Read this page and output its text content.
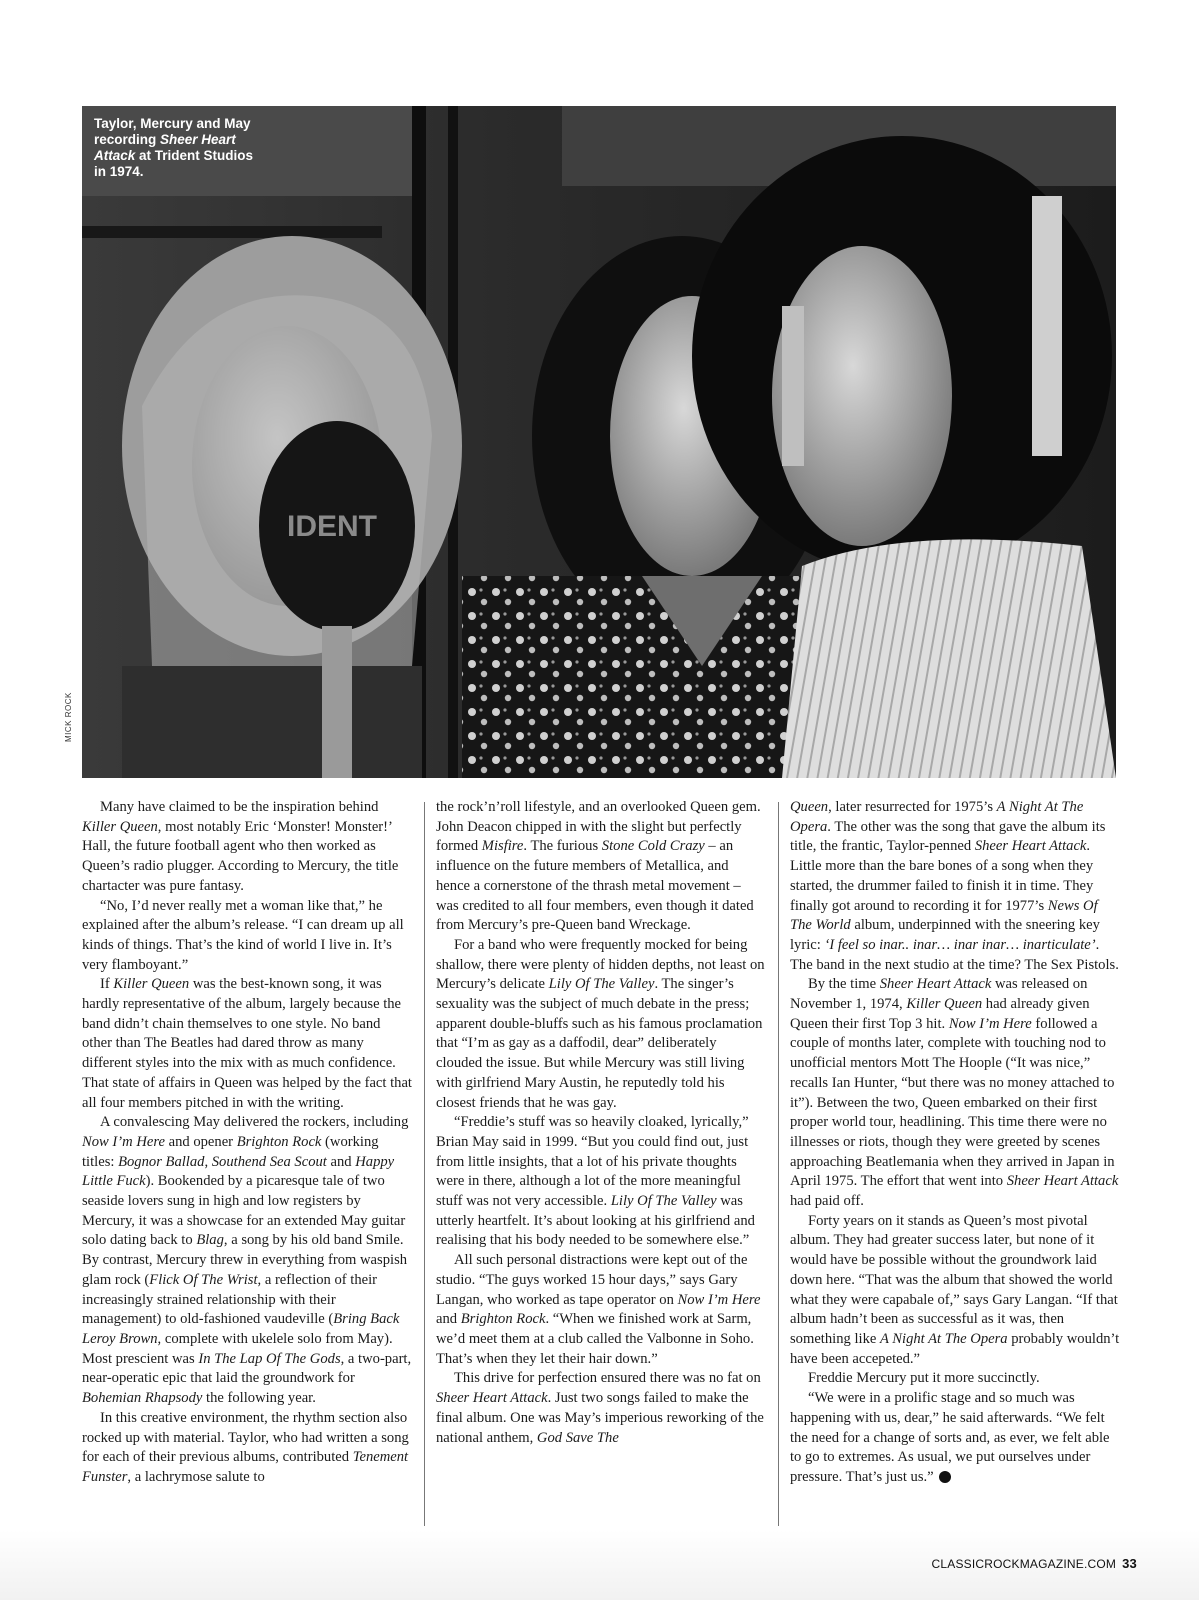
IDENT
Taylor, Mercury and May recording Sheer Heart Attack at Trident Studios in 1974.
MICK ROCK

Many have claimed to be the inspiration behind Killer Queen, most notably Eric ‘Monster! Monster!’ Hall, the future football agent who then worked as Queen’s radio plugger. According to Mercury, the title chartacter was pure fantasy.

“No, I’d never really met a woman like that,” he explained after the album’s release. “I can dream up all kinds of things. That’s the kind of world I live in. It’s very flamboyant.”

If Killer Queen was the best-known song, it was hardly representative of the album, largely because the band didn’t chain themselves to one style. No band other than The Beatles had dared throw as many different styles into the mix with as much confidence. That state of affairs in Queen was helped by the fact that all four members pitched in with the writing.

A convalescing May delivered the rockers, including Now I’m Here and opener Brighton Rock (working titles: Bognor Ballad, Southend Sea Scout and Happy Little Fuck). Bookended by a picaresque tale of two seaside lovers sung in high and low registers by Mercury, it was a showcase for an extended May guitar solo dating back to Blag, a song by his old band Smile. By contrast, Mercury threw in everything from waspish glam rock (Flick Of The Wrist, a reflection of their increasingly strained relationship with their management) to old-fashioned vaudeville (Bring Back Leroy Brown, complete with ukelele solo from May). Most prescient was In The Lap Of The Gods, a two-part, near-operatic epic that laid the groundwork for Bohemian Rhapsody the following year.

In this creative environment, the rhythm section also rocked up with material. Taylor, who had written a song for each of their previous albums, contributed Tenement Funster, a lachrymose salute to

the rock’n’roll lifestyle, and an overlooked Queen gem. John Deacon chipped in with the slight but perfectly formed Misfire. The furious Stone Cold Crazy – an influence on the future members of Metallica, and hence a cornerstone of the thrash metal movement – was credited to all four members, even though it dated from Mercury’s pre-Queen band Wreckage.

For a band who were frequently mocked for being shallow, there were plenty of hidden depths, not least on Mercury’s delicate Lily Of The Valley. The singer’s sexuality was the subject of much debate in the press; apparent double-bluffs such as his famous proclamation that “I’m as gay as a daffodil, dear” deliberately clouded the issue. But while Mercury was still living with girlfriend Mary Austin, he reputedly told his closest friends that he was gay.

“Freddie’s stuff was so heavily cloaked, lyrically,” Brian May said in 1999. “But you could find out, just from little insights, that a lot of his private thoughts were in there, although a lot of the more meaningful stuff was not very accessible. Lily Of The Valley was utterly heartfelt. It’s about looking at his girlfriend and realising that his body needed to be somewhere else.”

All such personal distractions were kept out of the studio. “The guys worked 15 hour days,” says Gary Langan, who worked as tape operator on Now I’m Here and Brighton Rock. “When we finished work at Sarm, we’d meet them at a club called the Valbonne in Soho. That’s when they let their hair down.”

This drive for perfection ensured there was no fat on Sheer Heart Attack. Just two songs failed to make the final album. One was May’s imperious reworking of the national anthem, God Save The

Queen, later resurrected for 1975’s A Night At The Opera. The other was the song that gave the album its title, the frantic, Taylor-penned Sheer Heart Attack. Little more than the bare bones of a song when they started, the drummer failed to finish it in time. They finally got around to recording it for 1977’s News Of The World album, underpinned with the sneering key lyric: ‘I feel so inar.. inar… inar inar… inarticulate’. The band in the next studio at the time? The Sex Pistols.

By the time Sheer Heart Attack was released on November 1, 1974, Killer Queen had already given Queen their first Top 3 hit. Now I’m Here followed a couple of months later, complete with touching nod to unofficial mentors Mott The Hoople (“It was nice,” recalls Ian Hunter, “but there was no money attached to it”). Between the two, Queen embarked on their first proper world tour, headlining. This time there were no illnesses or riots, though they were greeted by scenes approaching Beatlemania when they arrived in Japan in April 1975. The effort that went into Sheer Heart Attack had paid off.

Forty years on it stands as Queen’s most pivotal album. They had greater success later, but none of it would have be possible without the groundwork laid down here. “That was the album that showed the world what they were capabale of,” says Gary Langan. “If that album hadn’t been as successful as it was, then something like A Night At The Opera probably wouldn’t have been accepeted.”

Freddie Mercury put it more succinctly.

“We were in a prolific stage and so much was happening with us, dear,” he said afterwards. “We felt the need for a change of sorts and, as ever, we felt able to go to extremes. As usual, we put ourselves under pressure. That’s just us.”	✚

CLASSICROCKMAGAZINE.COM 33
